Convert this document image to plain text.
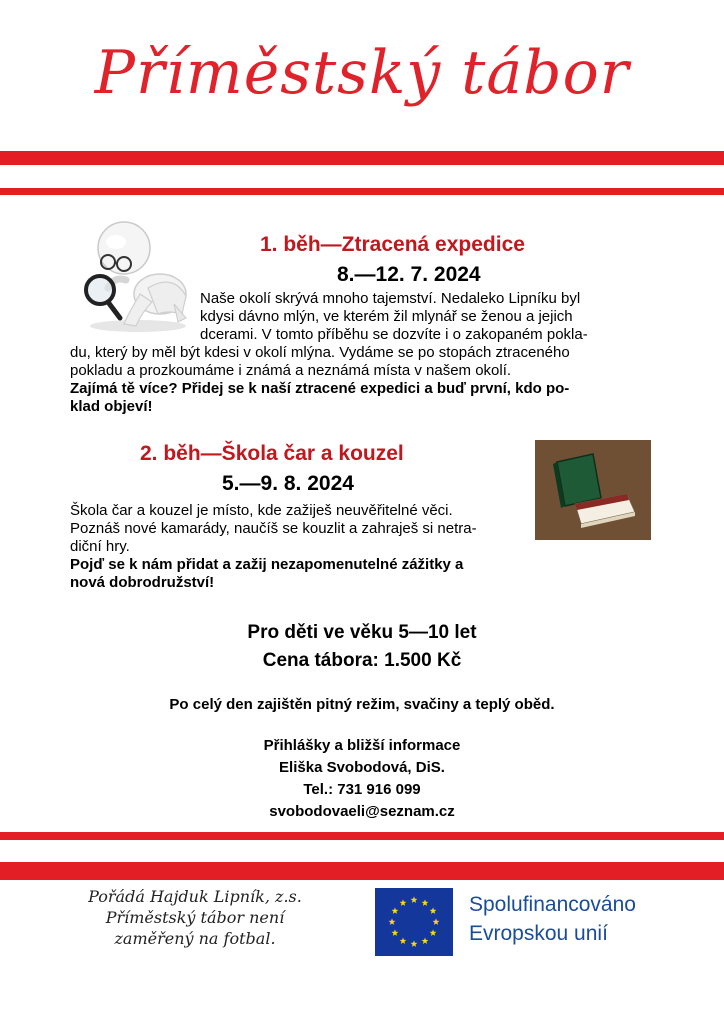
Příměstský tábor
1. běh—Ztracená expedice
8.—12. 7. 2024
Naše okolí skrývá mnoho tajemství. Nedaleko Lipníku byl
kdysi dávno mlýn, ve kterém žil mlynář se ženou a jejich
dcerami. V tomto příběhu se dozvíte i o zakopaném pokla-
du, který by měl být kdesi v okolí mlýna. Vydáme se po stopách ztraceného
pokladu a prozkoumáme i známá a neznámá místa v našem okolí.
Zajímá tě více? Přidej se k naší ztracené expedici a buď první, kdo po-
klad objeví!
2. běh—Škola čar a kouzel
5.—9. 8. 2024
Škola čar a kouzel je místo, kde zažiješ neuvěřitelné věci.
Poznáš nové kamarády, naučíš se kouzlit a zahraješ si netra-
diční hry.
Pojď se k nám přidat a zažij nezapomenutelné zážitky a
nová dobrodružství!
Pro děti ve věku 5—10 let
Cena tábora: 1.500 Kč
Po celý den zajištěn pitný režim, svačiny a teplý oběd.
Přihlášky a bližší informace
Eliška Svobodová, DiS.
Tel.: 731 916 099
svobodovaeli@seznam.cz
Pořádá Hajduk Lipník, z.s.
Příměstský tábor není
zaměřený na fotbal.
Spolufinancováno
Evropskou unií
